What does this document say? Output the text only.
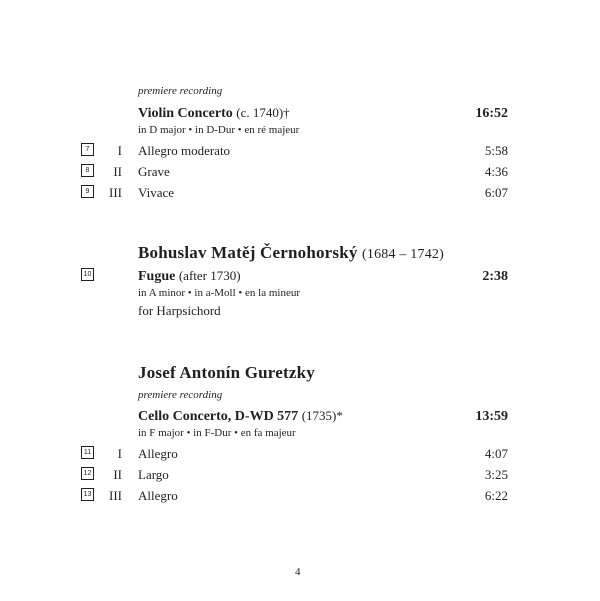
premiere recording
Violin Concerto (c. 1740)†	16:52
in D major • in D-Dur • en ré majeur
7	I Allegro moderato	5:58
8	II Grave	4:36
9	III Vivace	6:07
Bohuslav Matěj Černohorský (1684 – 1742)
10	Fugue (after 1730)	2:38
in A minor • in a-Moll • en la mineur
for Harpsichord
Josef Antonín Guretzky
premiere recording
Cello Concerto, D-WD 577 (1735)*	13:59
in F major • in F-Dur • en fa majeur
11	I Allegro	4:07
12	II Largo	3:25
13	III Allegro	6:22
4
